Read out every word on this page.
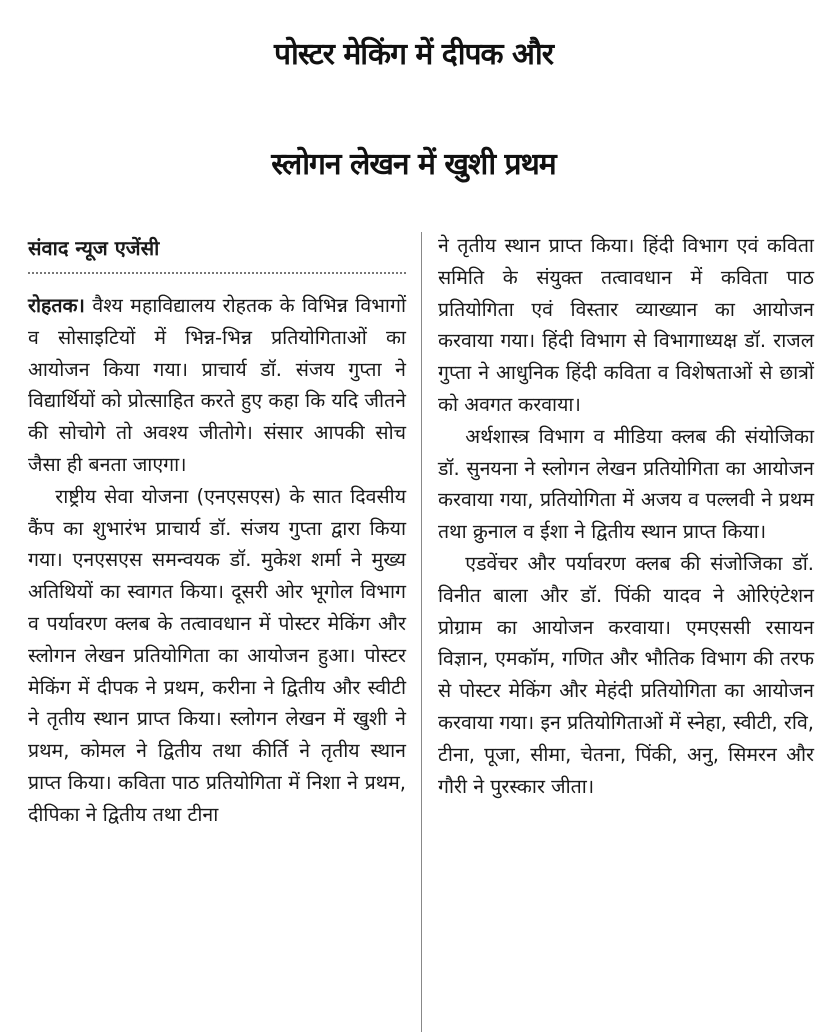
पोस्टर मेकिंग में दीपक और
स्लोगन लेखन में खुशी प्रथम
संवाद न्यूज एजेंसी

रोहतक। वैश्य महाविद्यालय रोहतक के विभिन्न विभागों व सोसाइटियों में भिन्न-भिन्न प्रतियोगिताओं का आयोजन किया गया। प्राचार्य डॉ. संजय गुप्ता ने विद्यार्थियों को प्रोत्साहित करते हुए कहा कि यदि जीतने की सोचोगे तो अवश्य जीतोगे। संसार आपकी सोच जैसा ही बनता जाएगा।

राष्ट्रीय सेवा योजना (एनएसएस) के सात दिवसीय कैंप का शुभारंभ प्राचार्य डॉ. संजय गुप्ता द्वारा किया गया। एनएसएस समन्वयक डॉ. मुकेश शर्मा ने मुख्य अतिथियों का स्वागत किया। दूसरी ओर भूगोल विभाग व पर्यावरण क्लब के तत्वावधान में पोस्टर मेकिंग और स्लोगन लेखन प्रतियोगिता का आयोजन हुआ। पोस्टर मेकिंग में दीपक ने प्रथम, करीना ने द्वितीय और स्वीटी ने तृतीय स्थान प्राप्त किया। स्लोगन लेखन में खुशी ने प्रथम, कोमल ने द्वितीय तथा कीर्ति ने तृतीय स्थान प्राप्त किया। कविता पाठ प्रतियोगिता में निशा ने प्रथम, दीपिका ने द्वितीय तथा टीना

ने तृतीय स्थान प्राप्त किया। हिंदी विभाग एवं कविता समिति के संयुक्त तत्वावधान में कविता पाठ प्रतियोगिता एवं विस्तार व्याख्यान का आयोजन करवाया गया। हिंदी विभाग से विभागाध्यक्ष डॉ. राजल गुप्ता ने आधुनिक हिंदी कविता व विशेषताओं से छात्रों को अवगत करवाया।

अर्थशास्त्र विभाग व मीडिया क्लब की संयोजिका डॉ. सुनयना ने स्लोगन लेखन प्रतियोगिता का आयोजन करवाया गया, प्रतियोगिता में अजय व पल्लवी ने प्रथम तथा क्रुनाल व ईशा ने द्वितीय स्थान प्राप्त किया।

एडवेंचर और पर्यावरण क्लब की संजोजिका डॉ. विनीत बाला और डॉ. पिंकी यादव ने ओरिएंटेशन प्रोग्राम का आयोजन करवाया। एमएससी रसायन विज्ञान, एमकॉम, गणित और भौतिक विभाग की तरफ से पोस्टर मेकिंग और मेहंदी प्रतियोगिता का आयोजन करवाया गया। इन प्रतियोगिताओं में स्नेहा, स्वीटी, रवि, टीना, पूजा, सीमा, चेतना, पिंकी, अनु, सिमरन और गौरी ने पुरस्कार जीता।
